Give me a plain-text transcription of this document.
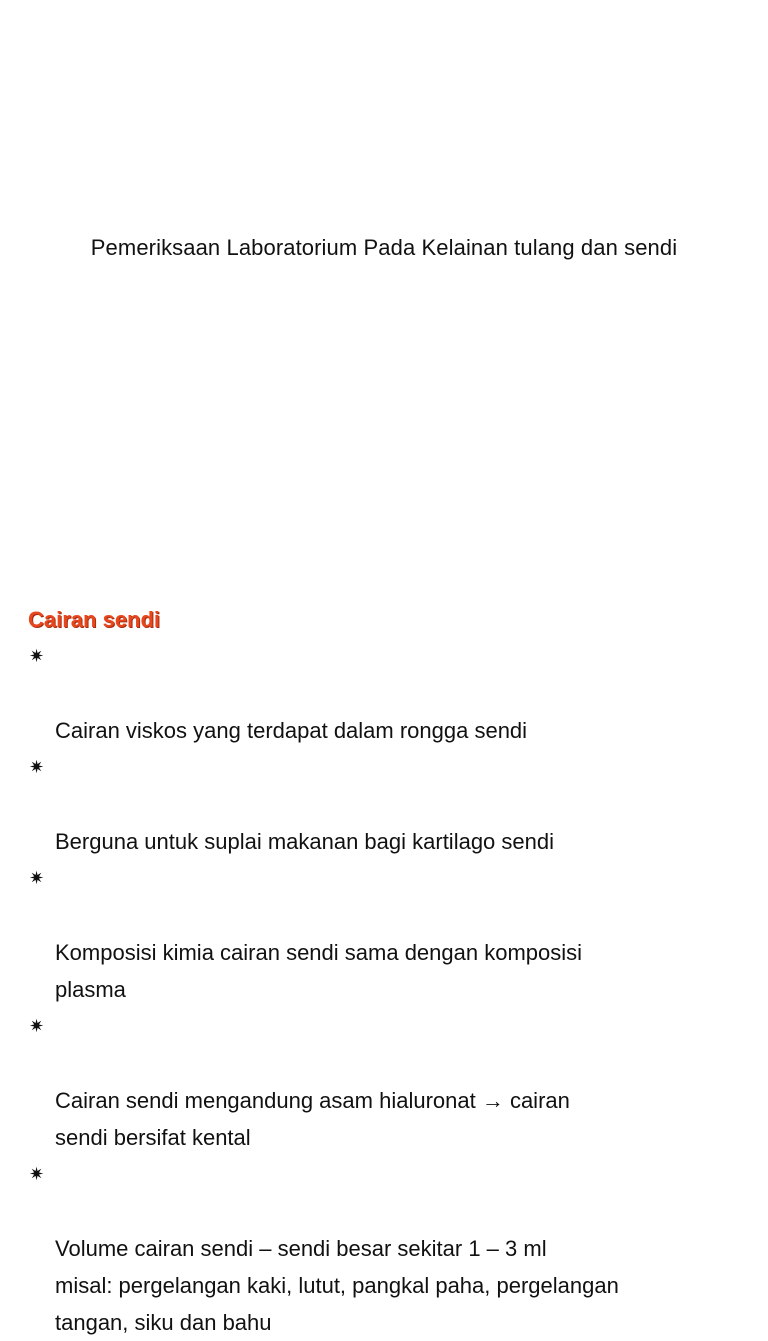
Pemeriksaan Laboratorium Pada Kelainan tulang dan sendi
Cairan sendi

✷

Cairan viskos yang terdapat dalam rongga sendi

✷

Berguna untuk suplai makanan bagi kartilago sendi

✷

Komposisi kimia cairan sendi sama dengan komposisi
plasma

✷

Cairan sendi mengandung asam hialuronat → cairan
sendi bersifat kental

✷

Volume cairan sendi – sendi besar sekitar 1 – 3 ml
misal: pergelangan kaki, lutut, pangkal paha, pergelangan
tangan, siku dan bahu
